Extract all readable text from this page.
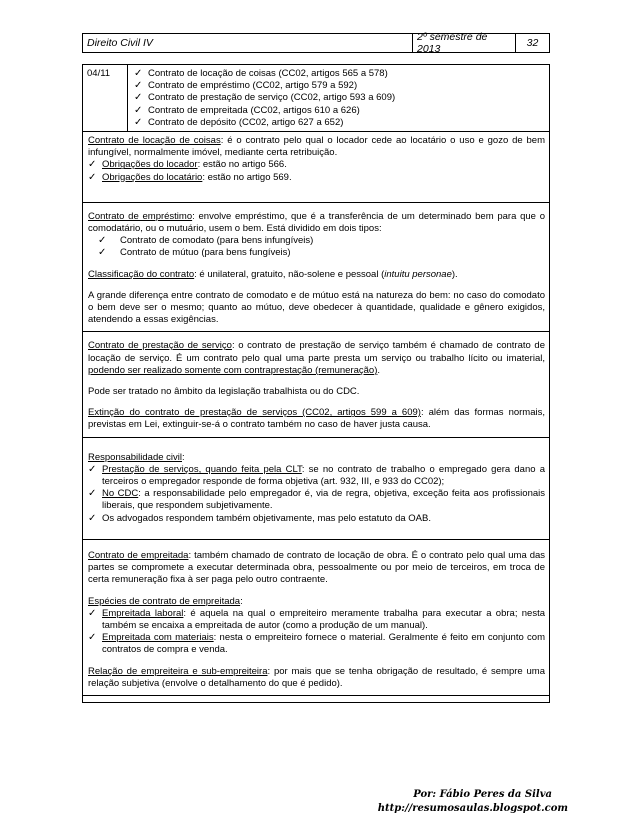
Direito Civil IV	2º semestre de 2013	32
04/11	✓ Contrato de locação de coisas (CC02, artigos 565 a 578)
✓ Contrato de empréstimo (CC02, artigo 579 a 592)
✓ Contrato de prestação de serviço (CC02, artigo 593 a 609)
✓ Contrato de empreitada (CC02, artigos 610 a 626)
✓ Contrato de depósito (CC02, artigo 627 a 652)

Contrato de locação de coisas: é o contrato pelo qual o locador cede ao locatário o uso e gozo de bem infungível, normalmente imóvel, mediante certa retribuição.

✓ Obrigações do locador: estão no artigo 566.
✓ Obrigações do locatário: estão no artigo 569.

Contrato de empréstimo: envolve empréstimo, que é a transferência de um determinado bem para que o comodatário, ou o mutuário, usem o bem. Está dividido em dois tipos:

✓	Contrato de comodato (para bens infungíveis)
✓	Contrato de mútuo (para bens fungíveis)

Classificação do contrato: é unilateral, gratuito, não-solene e pessoal (intuitu personae).

A grande diferença entre contrato de comodato e de mútuo está na natureza do bem: no caso do comodato o bem deve ser o mesmo; quanto ao mútuo, deve obedecer à quantidade, qualidade e gênero exigidos, atendendo a essas exigências.

Contrato de prestação de serviço: o contrato de prestação de serviço também é chamado de contrato de locação de serviço. É um contrato pelo qual uma parte presta um serviço ou trabalho lícito ou imaterial, podendo ser realizado somente com contraprestação (remuneração).

Pode ser tratado no âmbito da legislação trabalhista ou do CDC.

Extinção do contrato de prestação de serviços (CC02, artigos 599 a 609): além das formas normais, previstas em Lei, extinguir-se-á o contrato também no caso de haver justa causa.

Responsabilidade civil:

✓ Prestação de serviços, quando feita pela CLT: se no contrato de trabalho o empregado gera dano a terceiros o empregador responde de forma objetiva (art. 932, III, e 933 do CC02);
✓ No CDC: a responsabilidade pelo empregador é, via de regra, objetiva, exceção feita aos profissionais liberais, que respondem subjetivamente.
✓ Os advogados respondem também objetivamente, mas pelo estatuto da OAB.

Contrato de empreitada: também chamado de contrato de locação de obra. É o contrato pelo qual uma das partes se compromete a executar determinada obra, pessoalmente ou por meio de terceiros, em troca de certa remuneração fixa à ser paga pelo outro contraente.

Espécies de contrato de empreitada:

✓ Empreitada laboral: é aquela na qual o empreiteiro meramente trabalha para executar a obra; nesta também se encaixa a empreitada de autor (como a produção de um manual).
✓ Empreitada com materiais: nesta o empreiteiro fornece o material. Geralmente é feito em conjunto com contratos de compra e venda.

Relação de empreiteira e sub-empreiteira: por mais que se tenha obrigação de resultado, é sempre uma relação subjetiva (envolve o detalhamento do que é pedido).

Por: Fábio Peres da Silva
http://resumosaulas.blogspot.com
